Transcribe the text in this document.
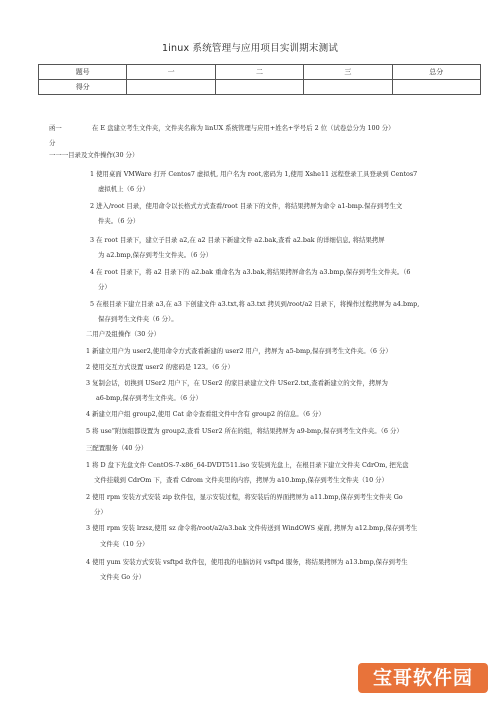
1inux 系统管理与应用项目实训期末测试
题号	一	二	三	总分
得分				
函一	在 E 盘建立考生文件夹，文件夹名称为 linUX 系统管理与应用+姓名+学号后 2 位（试卷总分为 100 分）
分
一一一目录及文件操作(30 分）
1 使用桌面 VMWare 打开 Centos7 虚拟机, 用户名为 root,密码为 1,使用 Xshe11 远程登录工具登录到 Centos7
虚拟机上（6 分）
2 进入/root 目录，使用命令以长格式方式查看/root 目录下的文件，将结果拷屏为命令 a1-bmp.保存到考生文
件夹。（6 分）
3 在 root 目录下，建立子目录 a2,在 a2 目录下新建文件 a2.bak,查看 a2.bak 的详细信息, 将结果拷屏
为 a2.bmp,保存到考生文件夹。（6 分）
4 在 root 目录下，将 a2 目录下的 a2.bak 重命名为 a3.bak,将结果拷屏命名为 a3.bmp,保存到考生文件夹。（6
分）
5 在根目录下建立目录 a3,在 a3 下创建文件 a3.txt,将 a3.txt 拷贝到/root/a2 目录下，将操作过程拷屏为 a4.bmp,
保存到考生文件夹（6 分）。
二用户及组操作（30 分）
1 新建立用户为 user2,使用命令方式查看新建的 user2 用户，拷屏为 a5-bmp,保存到考生文件夹。（6 分）
2 使用交互方式设置 user2 的密码是 123。（6 分）
3 复制会话，切换到 USer2 用户下，在 USer2 的家目录建立文件 USer2.txt,查看新建立的文件，拷屏为
a6-bmp,保存到考生文件夹。（6 分）
4 新建立用户组 group2,使用 Cat 命令查看组文件中含有 group2 的信息。（6 分）
5 将 use”附加组都设置为 group2,查看 USer2 所在的组，将结果拷屏为 a9-bmp,保存到考生文件夹。（6 分）
三配置服务（40 分）
1 将 D 盘下光盘文件 CentOS-7-x86_64-DVDT511.iso 安装到光盘上，在根目录下建立文件夹 CdrOm, 把光盘
文件挂载到 CdrOm 下，查看 Cdrom 文件夹里的内容，拷屏为 a10.bmp,保存到考生文件夹（10 分）
2 使用 rpm 安装方式安装 zip 软件包，显示安装过程，将安装后的界面拷屏为 a11.bmp,保存到考生文件夹 Go
分）
3 使用 rpm 安装 lrzsz,使用 sz 命令将/root/a2/a3.bak 文件传送到 WindOWS 桌面, 拷屏为 a12.bmp,保存到考生
文件夹（10 分）
4 使用 yum 安装方式安装 vsftpd 软件包，使用我的电脑访问 vsftpd 服务，将结果拷屏为 a13.bmp,保存到考生
文件夹 Go 分）
宝哥软件园
